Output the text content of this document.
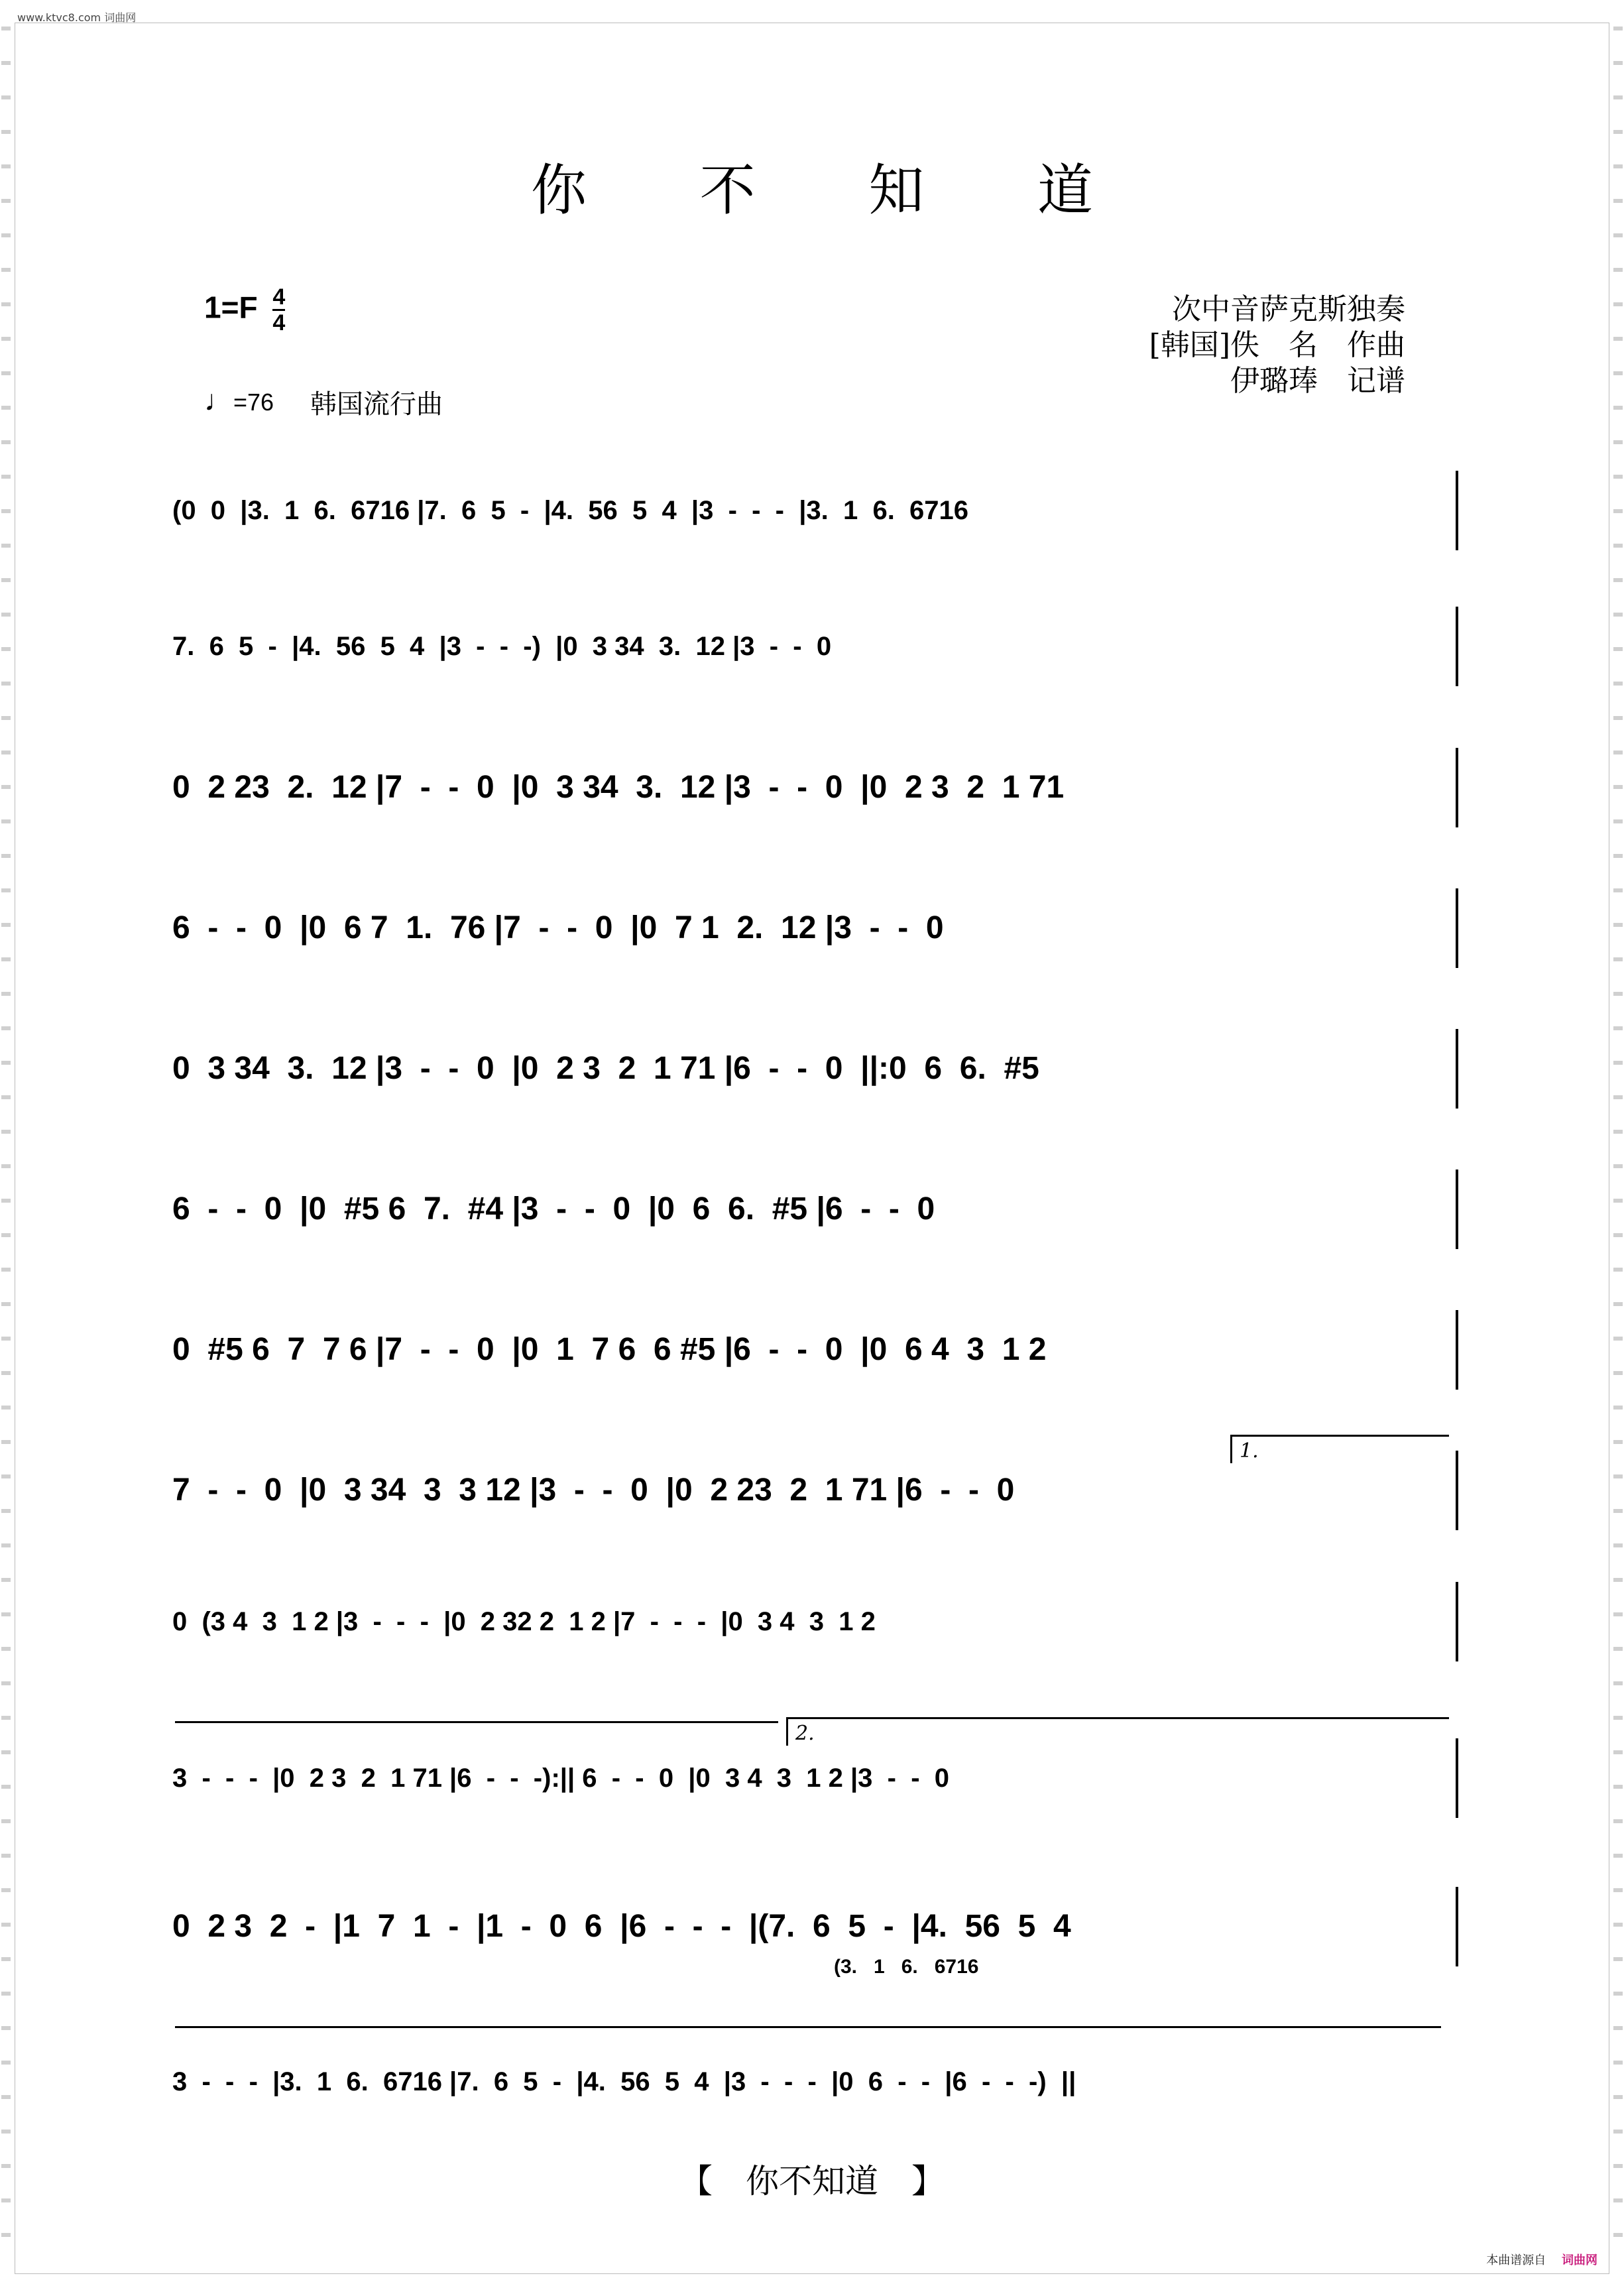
www.ktvc8.com 词曲网
你 不 知 道
$1=F \frac{4}{4}$
♩=76 韩国流行曲
次中音萨克斯独奏
[韩国]佚　名　作曲
伊璐琫　记谱
(0  0  |3.  1  6.  6716 |7.  6  5  -  |4.  56  5  4  |3  -  -  -  |3.  1  6.  6716
7.  6  5  -  |4.  56  5  4  |3  -  -  -)  |0  3 34  3.  12 |3  -  -  0
0  2 23  2.  12 |7  -  -  0  |0  3 34  3.  12 |3  -  -  0  |0  2 3  2  1 71
6  -  -  0  |0  6 7  1.  76 |7  -  -  0  |0  7 1  2.  12 |3  -  -  0
0  3 34  3.  12 |3  -  -  0  |0  2 3  2  1 71 |6  -  -  0  ||:0  6  6.  #5
6  -  -  0  |0  #5 6  7.  #4 |3  -  -  0  |0  6  6.  #5 |6  -  -  0
0  #5 6  7  7 6 |7  -  -  0  |0  1  7 6  6 #5 |6  -  -  0  |0  6 4  3  1 2
1.
7  -  -  0  |0  3 34  3  3 12 |3  -  -  0  |0  2 23  2  1 71 |6  -  -  0
0  (3 4  3  1 2 |3  -  -  -  |0  2 32 2  1 2 |7  -  -  -  |0  3 4  3  1 2
2.
3  -  -  -  |0  2 3  2  1 71 |6  -  -  -):|| 6  -  -  0  |0  3 4  3  1 2 |3  -  -  0
0  2 3  2  -  |1  7  1  -  |1  -  0  6  |6  -  -  -  |(7.  6  5  -  |4.  56  5  4
(3.   1   6.   6716
3  -  -  -  |3.  1  6.  6716 |7.  6  5  -  |4.  56  5  4  |3  -  -  -  |0  6  -  -  |6  -  -  -)  ||
【　你不知道　】
本曲谱源自 词曲网
